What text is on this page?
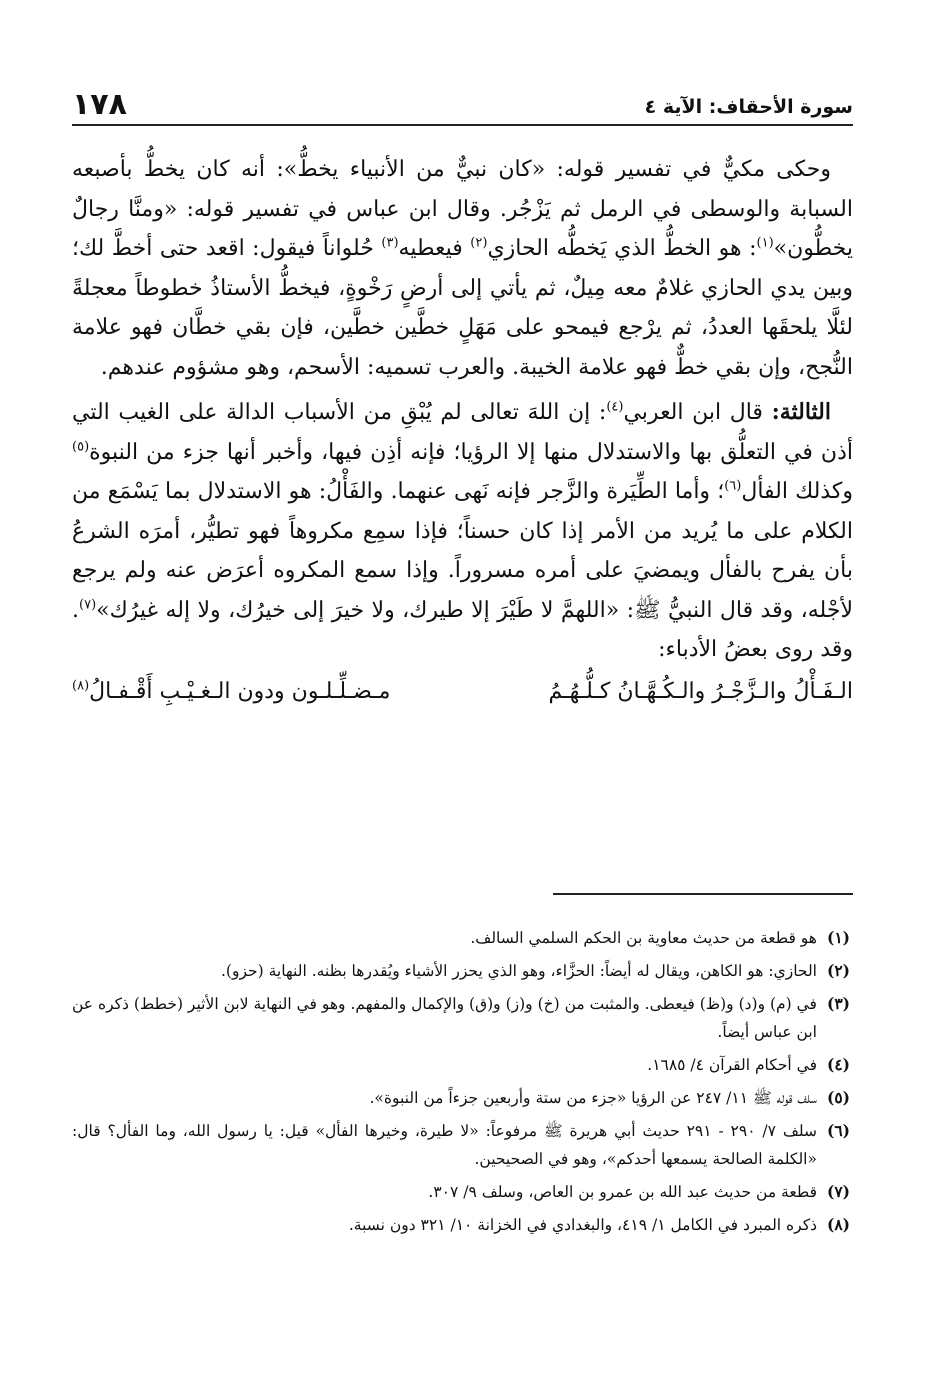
سورة الأحقاف: الآية ٤
١٧٨

وحكى مكيٌّ في تفسير قوله: «كان نبيٌّ من الأنبياء يخطُّ»: أنه كان يخطُّ بأصبعه السبابة والوسطى في الرمل ثم يَزْجُر. وقال ابن عباس في تفسير قوله: «ومنَّا رجالٌ يخطُّون»$^{(١)}$: هو الخطُّ الذي يَخطُّه الحازي$^{(٢)}$ فيعطيه$^{(٣)}$ حُلواناً فيقول: اقعد حتى أخطَّ لك؛ وبين يدي الحازي غلامٌ معه مِيلٌ، ثم يأتي إلى أرضٍ رَخْوةٍ، فيخطُّ الأستاذُ خطوطاً معجلةً لئلَّا يلحقَها العددُ، ثم يرْجع فيمحو على مَهَلٍ خطَّين خطَّين، فإن بقي خطَّان فهو علامة النُّجح، وإن بقي خطٌّ فهو علامة الخيبة. والعرب تسميه: الأسحم، وهو مشؤوم عندهم.

الثالثة: قال ابن العربي$^{(٤)}$: إن اللهَ تعالى لم يُبْقِ من الأسباب الدالة على الغيب التي أذن في التعلُّق بها والاستدلال منها إلا الرؤيا؛ فإنه أذِن فيها، وأخبر أنها جزء من النبوة$^{(٥)}$ وكذلك الفأل$^{(٦)}$؛ وأما الطِّيَرة والزَّجر فإنه نَهى عنهما. والفَأْلُ: هو الاستدلال بما يَسْمَع من الكلام على ما يُريد من الأمر إذا كان حسناً؛ فإذا سمِع مكروهاً فهو تطيُّر، أمرَه الشرعُ بأن يفرح بالفأل ويمضيَ على أمره مسروراً. وإذا سمع المكروه أعرَض عنه ولم يرجع لأجْله، وقد قال النبيُّ ﷺ: «اللهمَّ لا طَيْرَ إلا طيرك، ولا خيرَ إلى خيرُك، ولا إله غيرُك»$^{(٧)}$. وقد روى بعضُ الأدباء:

الـفَـأْلُ والـزَّجْـرُ والـكُـهَّـانُ كـلُّـهُـمُ
مـضـلِّـلـون ودون الـغـيْـبِ أَقْـفـالُ$^{(٨)}$
(١)
هو قطعة من حديث معاوية بن الحكم السلمي السالف.
(٢)
الحازي: هو الكاهن، ويقال له أيضاً: الحزَّاء، وهو الذي يحزر الأشياء ويُقدرها بظنه. النهاية (حزو).
(٣)
في (م) و(د) و(ظ) فيعطى. والمثبت من (خ) و(ز) و(ق) والإكمال والمفهم. وهو في النهاية لابن الأثير (خطط) ذكره عن ابن عباس أيضاً.
(٤)
في أحكام القرآن ٤/ ١٦٨٥.
(٥)
سلف قوله ﷺ ١١/ ٢٤٧ عن الرؤيا «جزء من ستة وأربعين جزءاً من النبوة».
(٦)
سلف ٧/ ٢٩٠ - ٢٩١ حديث أبي هريرة ﷺ مرفوعاً: «لا طيرة، وخيرها الفأل» قيل: يا رسول الله، وما الفأل؟ قال: «الكلمة الصالحة يسمعها أحدكم»، وهو في الصحيحين.
(٧)
قطعة من حديث عبد الله بن عمرو بن العاص، وسلف ٩/ ٣٠٧.
(٨)
ذكره المبرد في الكامل ١/ ٤١٩، والبغدادي في الخزانة ١٠/ ٣٢١ دون نسبة.
